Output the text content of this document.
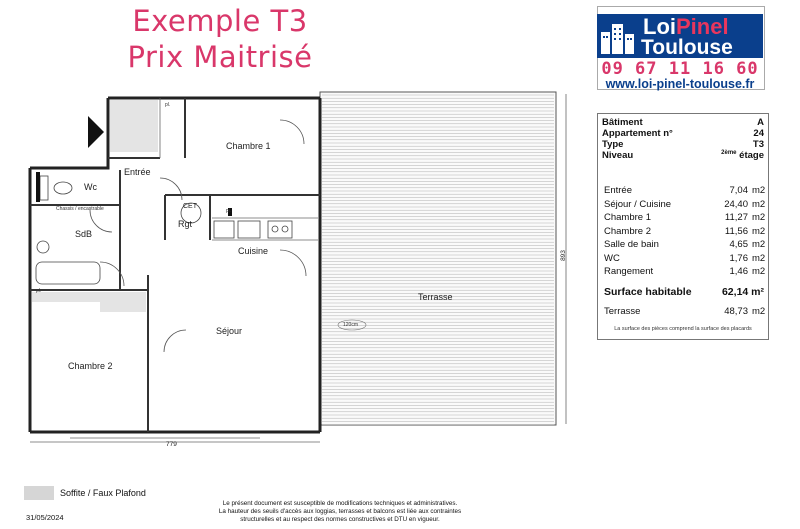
Exemple T3
Prix Maitrisé
LoiPinel
Toulouse
09 67 11 16 60
www.loi-pinel-toulouse.fr
Bâtiment	A
Appartement n°	24
Type	T3
Niveau	$^{2ème}$ étage
Entrée	7,04 m2
Séjour / Cuisine	24,40 m2
Chambre 1	11,27 m2
Chambre 2	11,56 m2
Salle de bain	4,65 m2
WC	1,76 m2
Rangement	1,46 m2
Surface habitable	62,14 m²
Terrasse	48,73 m2
La surface des pièces comprend la surface des placards
Chambre 1
Entrée
Wc
CET
Rgt
SdB
Cuisine
Séjour
Chambre 2
Terrasse
pl.
pl.
pl.
Chassis / encastrable
120cm
779
893
Soffite / Faux Plafond
31/05/2024
Le présent document est susceptible de modifications techniques et administratives.
La hauteur des seuils d'accès aux loggias, terrasses et balcons est liée aux contraintes
structurelles et au respect des normes constructives et DTU en vigueur.
